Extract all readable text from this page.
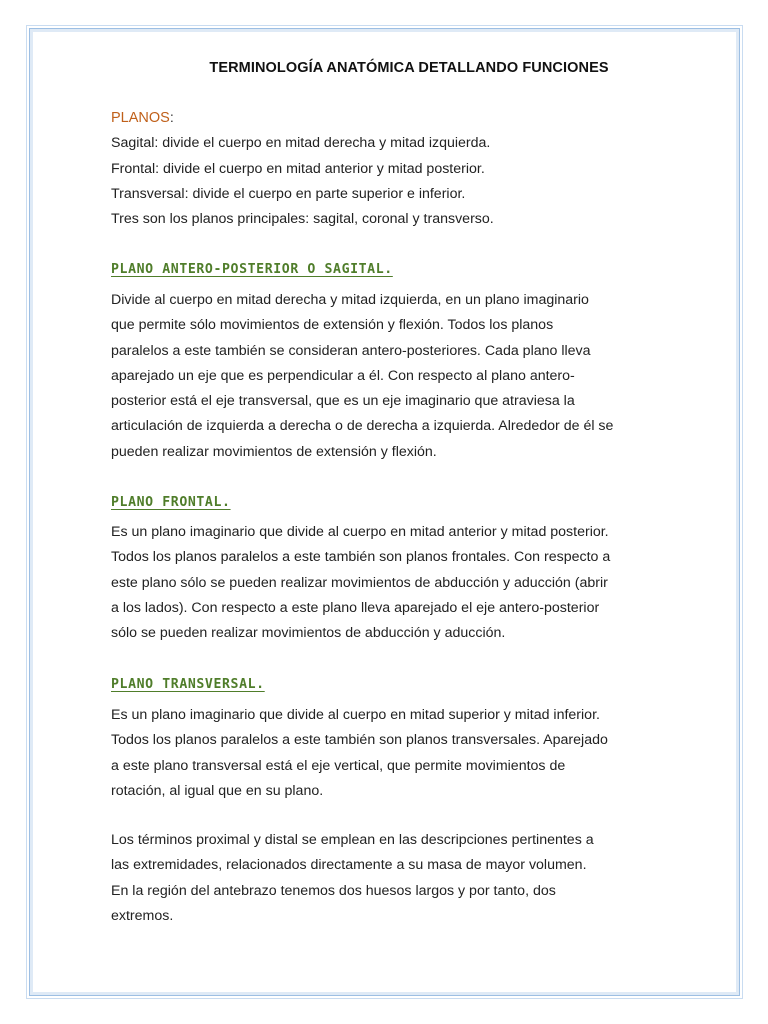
TERMINOLOGÍA ANATÓMICA DETALLANDO FUNCIONES
PLANOS:
Sagital: divide el cuerpo en mitad derecha y mitad izquierda.
Frontal: divide el cuerpo en mitad anterior y mitad posterior.
Transversal: divide el cuerpo en parte superior e inferior.
Tres son los planos principales: sagital, coronal y transverso.
PLANO ANTERO-POSTERIOR O SAGITAL.
Divide al cuerpo en mitad derecha y mitad izquierda, en un plano imaginario
que permite sólo movimientos de extensión y flexión. Todos los planos
paralelos a este también se consideran antero-posteriores. Cada plano lleva
aparejado un eje que es perpendicular a él. Con respecto al plano antero-
posterior está el eje transversal, que es un eje imaginario que atraviesa la
articulación de izquierda a derecha o de derecha a izquierda. Alrededor de él se
pueden realizar movimientos de extensión y flexión.
PLANO FRONTAL.
Es un plano imaginario que divide al cuerpo en mitad anterior y mitad posterior.
Todos los planos paralelos a este también son planos frontales. Con respecto a
este plano sólo se pueden realizar movimientos de abducción y aducción (abrir
a los lados). Con respecto a este plano lleva aparejado el eje antero-posterior
sólo se pueden realizar movimientos de abducción y aducción.
PLANO TRANSVERSAL.
Es un plano imaginario que divide al cuerpo en mitad superior y mitad inferior.
Todos los planos paralelos a este también son planos transversales. Aparejado
a este plano transversal está el eje vertical, que permite movimientos de
rotación, al igual que en su plano.
Los términos proximal y distal se emplean en las descripciones pertinentes a
las extremidades, relacionados directamente a su masa de mayor volumen.
En la región del antebrazo tenemos dos huesos largos y por tanto, dos
extremos.
